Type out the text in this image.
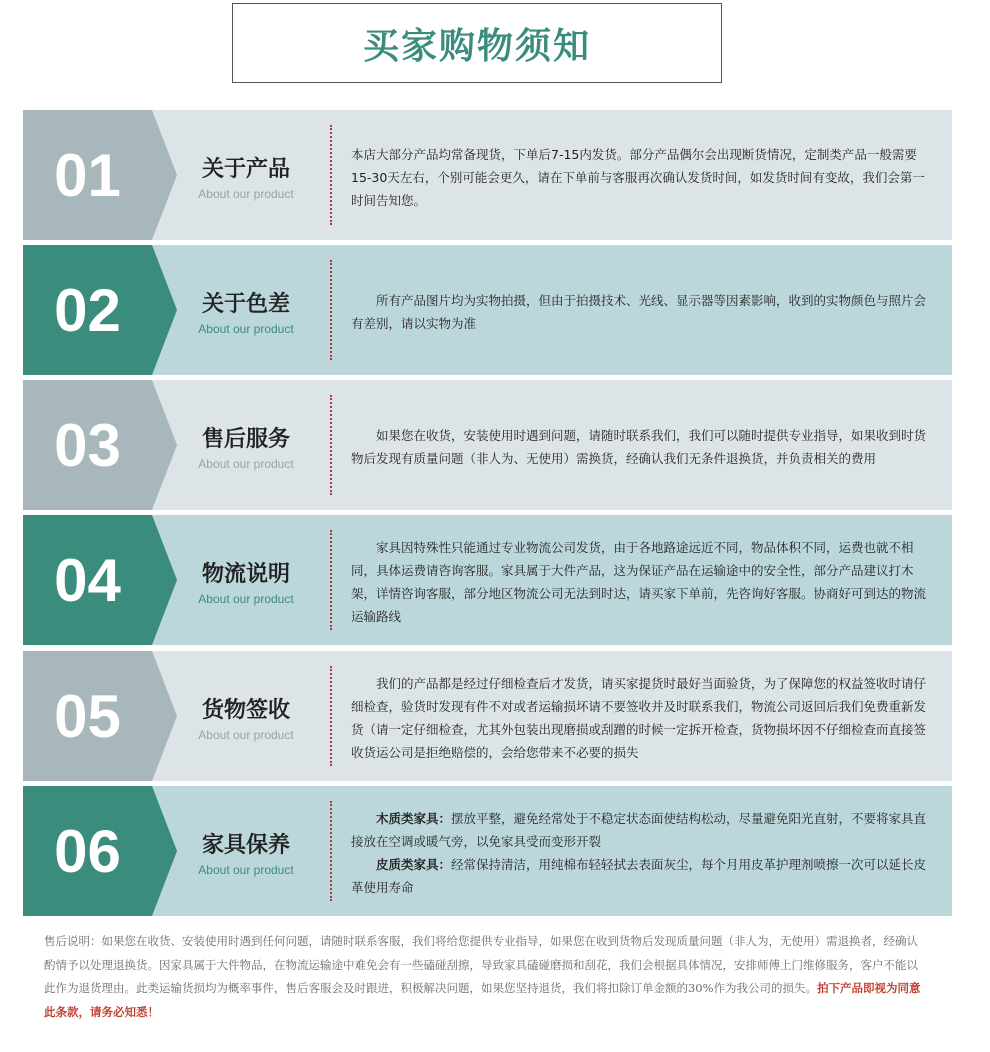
买家购物须知
01	关于产品
About our product

本店大部分产品均常备现货，下单后7-15内发货。部分产品偶尔会出现断货情况，定制类产品一般需要15-30天左右，个别可能会更久，请在下单前与客服再次确认发货时间，如发货时间有变故，我们会第一时间告知您。

02	关于色差
About our product

　　所有产品图片均为实物拍摄，但由于拍摄技术、光线、显示器等因素影响，收到的实物颜色与照片会有差别，请以实物为准

03	售后服务
About our product

　　如果您在收货，安装使用时遇到问题，请随时联系我们，我们可以随时提供专业指导，如果收到时货物后发现有质量问题（非人为、无使用）需换货，经确认我们无条件退换货，并负责相关的费用

04	物流说明
About our product

　　家具因特殊性只能通过专业物流公司发货，由于各地路途远近不同，物品体积不同，运费也就不相同，具体运费请咨询客服。家具属于大件产品，这为保证产品在运输途中的安全性，部分产品建议打木架，详情咨询客服，部分地区物流公司无法到时达，请买家下单前，先咨询好客服。协商好可到达的物流运输路线

05	货物签收
About our product

　　我们的产品都是经过仔细检查后才发货，请买家提货时最好当面验货，为了保障您的权益签收时请仔细检查，验货时发现有件不对或者运输损坏请不要签收并及时联系我们，物流公司返回后我们免费重新发货（请一定仔细检查，尤其外包装出现磨损或刮蹭的时候一定拆开检查，货物损坏因不仔细检查而直接签收货运公司是拒绝赔偿的，会给您带来不必要的损失

06	家具保养
About our product

木质类家具：摆放平整，避免经常处于不稳定状态面使结构松动，尽量避免阳光直射，不要将家具直接放在空调或暖气旁，以免家具受而变形开裂
皮质类家具：经常保持清洁，用纯棉布轻轻拭去表面灰尘，每个月用皮革护理剂喷擦一次可以延长皮革使用寿命

售后说明：如果您在收货、安装使用时遇到任何问题，请随时联系客服，我们将给您提供专业指导，如果您在收到货物后发现质量问题（非人为，无使用）需退换者，经确认酌情予以处理退换货。因家具属于大件物品，在物流运输途中难免会有一些磕碰刮擦，导致家具磕碰磨损和刮花，我们会根据具体情况，安排师傅上门维修服务，客户不能以此作为退货理由。此类运输货损均为概率事件，售后客服会及时跟进，积极解决问题，如果您坚持退货，我们将扣除订单金额的30%作为我公司的损失。拍下产品即视为同意此条款，请务必知悉！
